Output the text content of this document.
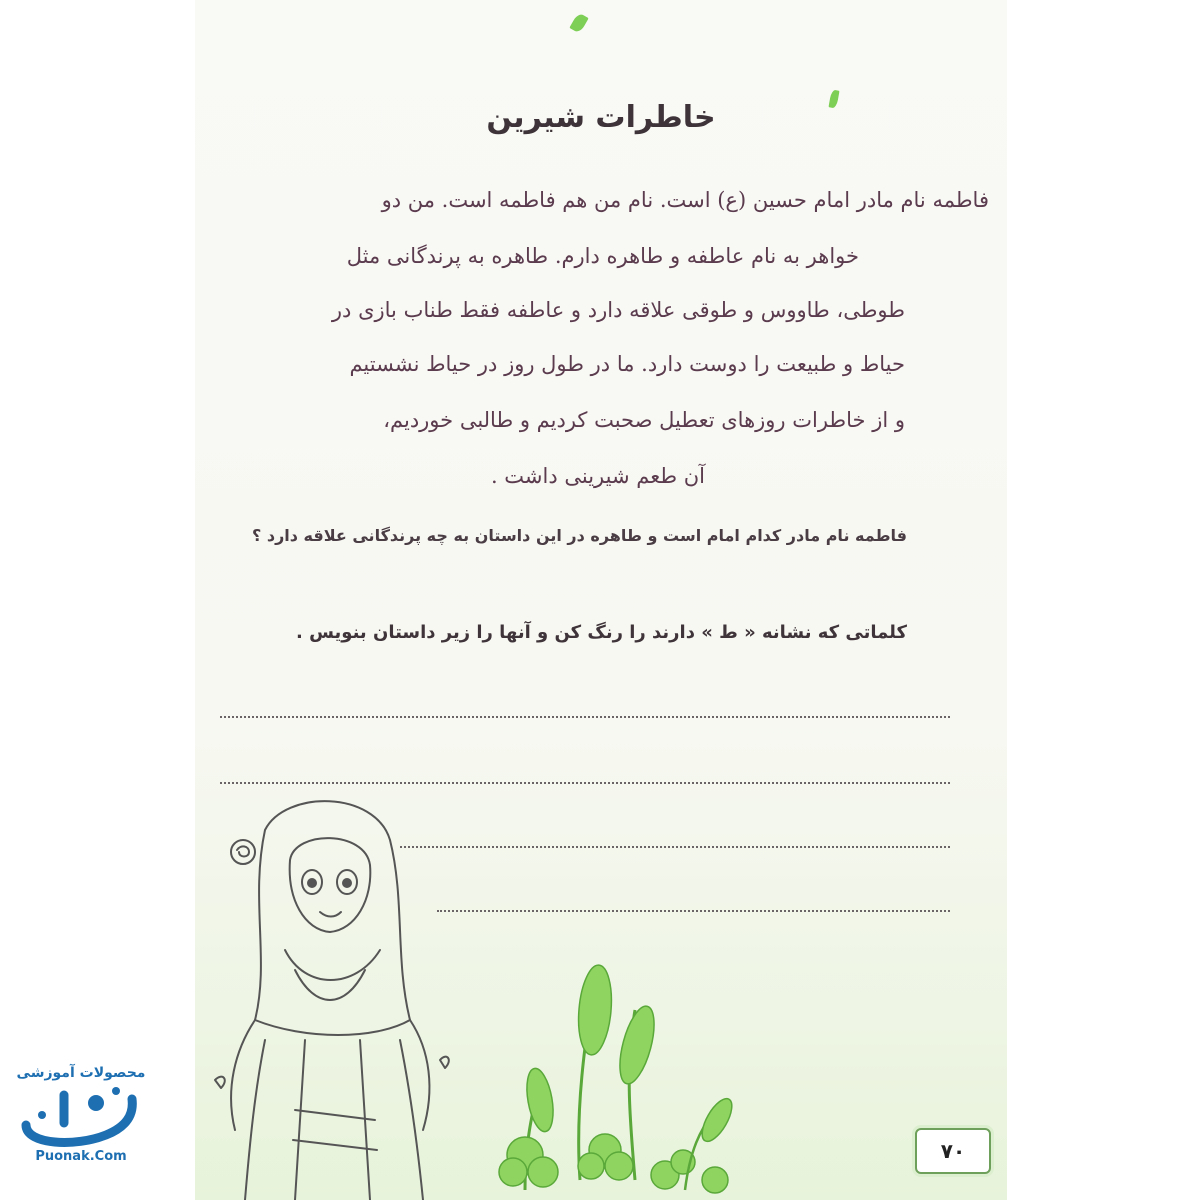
خاطرات شیرین
فاطمه نام مادر امام حسین (ع) است. نام من هم فاطمه است. من دو
خواهر به نام عاطفه و طاهره دارم. طاهره به پرندگانی مثل
طوطی، طاووس و طوقی علاقه دارد و عاطفه فقط طناب بازی در
حیاط و طبیعت را دوست دارد. ما در طول روز در حیاط نشستیم
و از خاطرات روزهای تعطیل صحبت کردیم و طالبی خوردیم،
آن طعم شیرینی داشت .
فاطمه نام مادر کدام امام است و طاهره در این داستان به چه پرندگانی علاقه دارد ؟
کلماتی که نشانه « ط » دارند را رنگ کن و آنها را زیر داستان بنویس .
۷۰
محصولات آموزشی
پونک
Puonak.Com
